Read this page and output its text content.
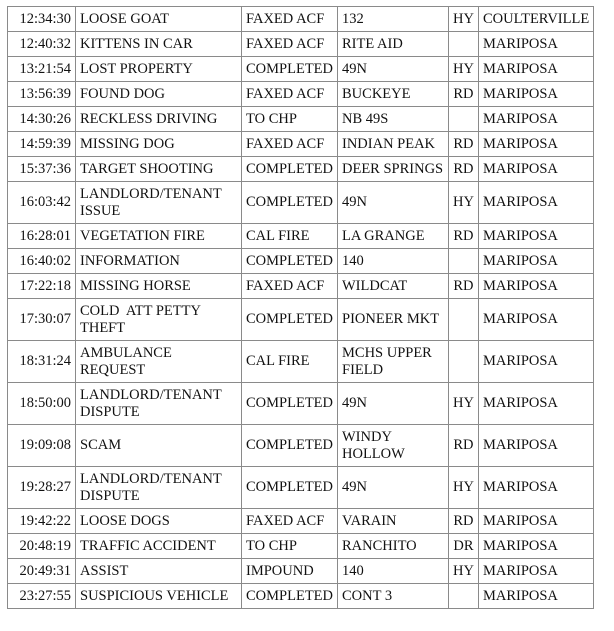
12:34:30	LOOSE GOAT	FAXED ACF	132	HY	COULTERVILLE
12:40:32	KITTENS IN CAR	FAXED ACF	RITE AID		MARIPOSA
13:21:54	LOST PROPERTY	COMPLETED	49N	HY	MARIPOSA
13:56:39	FOUND DOG	FAXED ACF	BUCKEYE	RD	MARIPOSA
14:30:26	RECKLESS DRIVING	TO CHP	NB 49S		MARIPOSA
14:59:39	MISSING DOG	FAXED ACF	INDIAN PEAK	RD	MARIPOSA
15:37:36	TARGET SHOOTING	COMPLETED	DEER SPRINGS	RD	MARIPOSA
16:03:42	LANDLORD/TENANT
ISSUE	COMPLETED	49N	HY	MARIPOSA
16:28:01	VEGETATION FIRE	CAL FIRE	LA GRANGE	RD	MARIPOSA
16:40:02	INFORMATION	COMPLETED	140		MARIPOSA
17:22:18	MISSING HORSE	FAXED ACF	WILDCAT	RD	MARIPOSA
17:30:07	COLD  ATT PETTY
THEFT	COMPLETED	PIONEER MKT		MARIPOSA
18:31:24	AMBULANCE
REQUEST	CAL FIRE	MCHS UPPER
FIELD		MARIPOSA
18:50:00	LANDLORD/TENANT
DISPUTE	COMPLETED	49N	HY	MARIPOSA
19:09:08	SCAM	COMPLETED	WINDY
HOLLOW	RD	MARIPOSA
19:28:27	LANDLORD/TENANT
DISPUTE	COMPLETED	49N	HY	MARIPOSA
19:42:22	LOOSE DOGS	FAXED ACF	VARAIN	RD	MARIPOSA
20:48:19	TRAFFIC ACCIDENT	TO CHP	RANCHITO	DR	MARIPOSA
20:49:31	ASSIST	IMPOUND	140	HY	MARIPOSA
23:27:55	SUSPICIOUS VEHICLE	COMPLETED	CONT 3		MARIPOSA
